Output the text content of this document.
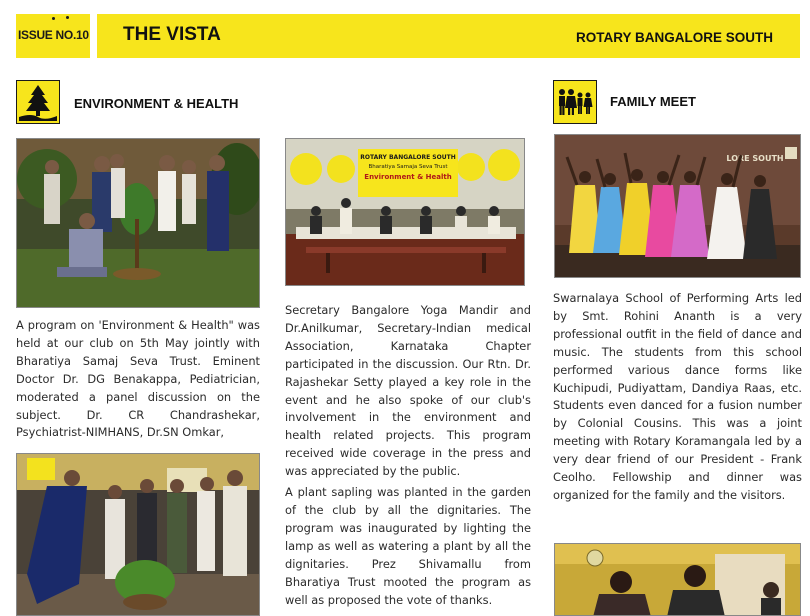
ISSUE NO.10 THE VISTA	ROTARY BANGALORE SOUTH
ENVIRONMENT & HEALTH	FAMILY MEET
ROTARY BANGALORE SOUTH
Bharatiya Samaja Seva Trust
Environment & Health
LORE SOUTH

A program on 'Environment & Health" was held at our club on 5th May jointly with Bharatiya Samaj Seva Trust. Eminent Doctor Dr. DG Benakappa, Pediatrician, moderated a panel discussion on the subject. Dr. CR Chandrashekar, Psychiatrist-NIMHANS, Dr.SN Omkar,

Secretary Bangalore Yoga Mandir and Dr.Anilkumar, Secretary-Indian medical Association, Karnataka Chapter participated in the discussion. Our Rtn. Dr. Rajashekar Setty played a key role in the event and he also spoke of our club's involvement in the environment and health related projects. This program received wide coverage in the press and was appreciated by the public.

A plant sapling was planted in the garden of the club by all the dignitaries. The program was inaugurated by lighting the lamp as well as watering a plant by all the dignitaries. Prez Shivamallu from Bharatiya Trust mooted the program as well as proposed the vote of thanks.

Swarnalaya School of Performing Arts led by Smt. Rohini Ananth is a very professional outfit in the field of dance and music. The students from this school performed various dance forms like Kuchipudi, Pudiyattam, Dandiya Raas, etc. Students even danced for a fusion number by Colonial Cousins. This was a joint meeting with Rotary Koramangala led by a very dear friend of our President - Frank Ceolho. Fellowship and dinner was organized for the family and the visitors.
